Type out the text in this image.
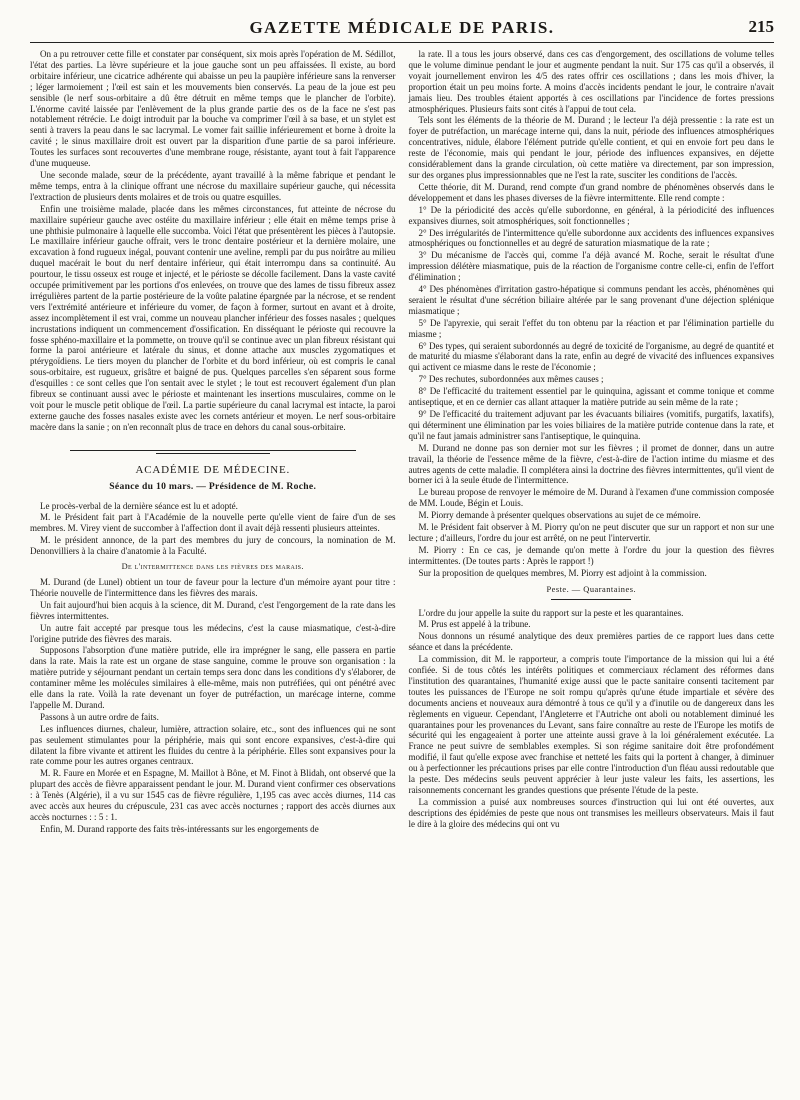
GAZETTE MÉDICALE DE PARIS.	215

On a pu retrouver cette fille et constater par conséquent, six mois après l'opération de M. Sédillot, l'état des parties. La lèvre supérieure et la joue gauche sont un peu affaissées. Il existe, au bord orbitaire inférieur, une cicatrice adhérente qui abaisse un peu la paupière inférieure sans la renverser ; léger larmoiement ; l'œil est sain et les mouvements bien conservés. La peau de la joue est peu sensible (le nerf sous-orbitaire a dû être détruit en même temps que le plancher de l'orbite). L'énorme cavité laissée par l'enlèvement de la plus grande partie des os de la face ne s'est pas notablement rétrécie. Le doigt introduit par la bouche va comprimer l'œil à sa base, et un stylet est senti à travers la peau dans le sac lacrymal. Le vomer fait saillie inférieurement et borne à droite la cavité ; le sinus maxillaire droit est ouvert par la disparition d'une partie de sa paroi inférieure. Toutes les surfaces sont recouvertes d'une membrane rouge, résistante, ayant tout à fait l'apparence d'une muqueuse.

Une seconde malade, sœur de la précédente, ayant travaillé à la même fabrique et pendant le même temps, entra à la clinique offrant une nécrose du maxillaire supérieur gauche, qui nécessita l'extraction de plusieurs dents molaires et de trois ou quatre esquilles.

Enfin une troisième malade, placée dans les mêmes circonstances, fut atteinte de nécrose du maxillaire supérieur gauche avec ostéite du maxillaire inférieur ; elle était en même temps prise à une phthisie pulmonaire à laquelle elle succomba. Voici l'état que présentèrent les pièces à l'autopsie. Le maxillaire inférieur gauche offrait, vers le tronc dentaire postérieur et la dernière molaire, une excavation à fond rugueux inégal, pouvant contenir une aveline, rempli par du pus noirâtre au milieu duquel macérait le bout du nerf dentaire inférieur, qui était interrompu dans sa continuité. Au pourtour, le tissu osseux est rouge et injecté, et le périoste se décolle facilement. Dans la vaste cavité occupée primitivement par les portions d'os enlevées, on trouve que des lames de tissu fibreux assez irrégulières partent de la partie postérieure de la voûte palatine épargnée par la nécrose, et se rendent vers l'extrémité antérieure et inférieure du vomer, de façon à former, surtout en avant et à droite, assez incomplètement il est vrai, comme un nouveau plancher inférieur des fosses nasales ; quelques incrustations indiquent un commencement d'ossification. En disséquant le périoste qui recouvre la fosse sphéno-maxillaire et la pommette, on trouve qu'il se continue avec un plan fibreux résistant qui forme la paroi antérieure et latérale du sinus, et donne attache aux muscles zygomatiques et ptérygoïdiens. Le tiers moyen du plancher de l'orbite et du bord inférieur, où est compris le canal sous-orbitaire, est rugueux, grisâtre et baigné de pus. Quelques parcelles s'en séparent sous forme d'esquilles : ce sont celles que l'on sentait avec le stylet ; le tout est recouvert également d'un plan fibreux se continuant aussi avec le périoste et maintenant les insertions musculaires, comme on le voit pour le muscle petit oblique de l'œil. La partie supérieure du canal lacrymal est intacte, la paroi externe gauche des fosses nasales existe avec les cornets antérieur et moyen. Le nerf sous-orbitaire macère dans la sanie ; on n'en reconnaît plus de trace en dehors du canal sous-orbitaire.

ACADÉMIE DE MÉDECINE.
Séance du 10 mars. — Présidence de M. Roche.

Le procès-verbal de la dernière séance est lu et adopté.

M. le Président fait part à l'Académie de la nouvelle perte qu'elle vient de faire d'un de ses membres. M. Virey vient de succomber à l'affection dont il avait déjà ressenti plusieurs atteintes.

M. le président annonce, de la part des membres du jury de concours, la nomination de M. Denonvilliers à la chaire d'anatomie à la Faculté.

De l'intermittence dans les fièvres des marais.

M. Durand (de Lunel) obtient un tour de faveur pour la lecture d'un mémoire ayant pour titre : Théorie nouvelle de l'intermittence dans les fièvres des marais.

Un fait aujourd'hui bien acquis à la science, dit M. Durand, c'est l'engorgement de la rate dans les fièvres intermittentes.

Un autre fait accepté par presque tous les médecins, c'est la cause miasmatique, c'est-à-dire l'origine putride des fièvres des marais.

Supposons l'absorption d'une matière putride, elle ira imprégner le sang, elle passera en partie dans la rate. Mais la rate est un organe de stase sanguine, comme le prouve son organisation : la matière putride y séjournant pendant un certain temps sera donc dans les conditions d'y s'élaborer, de contaminer même les molécules similaires à elle-même, mais non putréfiées, qui ont pénétré avec elle dans la rate. Voilà la rate devenant un foyer de putréfaction, un marécage interne, comme l'appelle M. Durand.

Passons à un autre ordre de faits.

Les influences diurnes, chaleur, lumière, attraction solaire, etc., sont des influences qui ne sont pas seulement stimulantes pour la périphérie, mais qui sont encore expansives, c'est-à-dire qui dilatent la fibre vivante et attirent les fluides du centre à la périphérie. Elles sont expansives pour la rate comme pour les autres organes centraux.

M. R. Faure en Morée et en Espagne, M. Maillot à Bône, et M. Finot à Blidah, ont observé que la plupart des accès de fièvre apparaissent pendant le jour. M. Durand vient confirmer ces observations : à Tenès (Algérie), il a vu sur 1545 cas de fièvre régulière, 1,195 cas avec accès diurnes, 114 cas avec accès aux heures du crépuscule, 231 cas avec accès nocturnes ; rapport des accès diurnes aux accès nocturnes : : 5 : 1.

Enfin, M. Durand rapporte des faits très-intéressants sur les engorgements de

la rate. Il a tous les jours observé, dans ces cas d'engorgement, des oscillations de volume telles que le volume diminue pendant le jour et augmente pendant la nuit. Sur 175 cas qu'il a observés, il voyait journellement environ les 4/5 des rates offrir ces oscillations ; dans les mois d'hiver, la proportion était un peu moins forte. A moins d'accès incidents pendant le jour, le contraire n'avait jamais lieu. Des troubles étaient apportés à ces oscillations par l'incidence de fortes pressions atmosphériques. Plusieurs faits sont cités à l'appui de tout cela.

Tels sont les éléments de la théorie de M. Durand ; le lecteur l'a déjà pressentie : la rate est un foyer de putréfaction, un marécage interne qui, dans la nuit, période des influences atmosphériques concentratives, nidule, élabore l'élément putride qu'elle contient, et qui en envoie fort peu dans le reste de l'économie, mais qui pendant le jour, période des influences expansives, en déjette considérablement dans la grande circulation, où cette matière va directement, par son impression, sur des organes plus impressionnables que ne l'est la rate, susciter les conditions de l'accès.

Cette théorie, dit M. Durand, rend compte d'un grand nombre de phénomènes observés dans le développement et dans les phases diverses de la fièvre intermittente. Elle rend compte :

1° De la périodicité des accès qu'elle subordonne, en général, à la périodicité des influences expansives diurnes, soit atmosphériques, soit fonctionnelles ;

2° Des irrégularités de l'intermittence qu'elle subordonne aux accidents des influences expansives atmosphériques ou fonctionnelles et au degré de saturation miasmatique de la rate ;

3° Du mécanisme de l'accès qui, comme l'a déjà avancé M. Roche, serait le résultat d'une impression délétère miasmatique, puis de la réaction de l'organisme contre celle-ci, enfin de l'effort d'élimination ;

4° Des phénomènes d'irritation gastro-hépatique si communs pendant les accès, phénomènes qui seraient le résultat d'une sécrétion biliaire altérée par le sang provenant d'une déjection splénique miasmatique ;

5° De l'apyrexie, qui serait l'effet du ton obtenu par la réaction et par l'élimination partielle du miasme ;

6° Des types, qui seraient subordonnés au degré de toxicité de l'organisme, au degré de quantité et de maturité du miasme s'élaborant dans la rate, enfin au degré de vivacité des influences expansives qui activent ce miasme dans le reste de l'économie ;

7° Des rechutes, subordonnées aux mêmes causes ;

8° De l'efficacité du traitement essentiel par le quinquina, agissant et comme tonique et comme antiseptique, et en ce dernier cas allant attaquer la matière putride au sein même de la rate ;

9° De l'efficacité du traitement adjuvant par les évacuants biliaires (vomitifs, purgatifs, laxatifs), qui déterminent une élimination par les voies biliaires de la matière putride contenue dans la rate, et qu'il ne faut jamais administrer sans l'antiseptique, le quinquina.

M. Durand ne donne pas son dernier mot sur les fièvres ; il promet de donner, dans un autre travail, la théorie de l'essence même de la fièvre, c'est-à-dire de l'action intime du miasme et des autres agents de cette maladie. Il complétera ainsi la doctrine des fièvres intermittentes, qu'il vient de borner ici à la seule étude de l'intermittence.

Le bureau propose de renvoyer le mémoire de M. Durand à l'examen d'une commission composée de MM. Loude, Bégin et Louis.

M. Piorry demande à présenter quelques observations au sujet de ce mémoire.

M. le Président fait observer à M. Piorry qu'on ne peut discuter que sur un rapport et non sur une lecture ; d'ailleurs, l'ordre du jour est arrêté, on ne peut l'intervertir.

M. Piorry : En ce cas, je demande qu'on mette à l'ordre du jour la question des fièvres intermittentes. (De toutes parts : Après le rapport !)

Sur la proposition de quelques membres, M. Piorry est adjoint à la commission.

Peste. — Quarantaines.

L'ordre du jour appelle la suite du rapport sur la peste et les quarantaines.

M. Prus est appelé à la tribune.

Nous donnons un résumé analytique des deux premières parties de ce rapport lues dans cette séance et dans la précédente.

La commission, dit M. le rapporteur, a compris toute l'importance de la mission qui lui a été confiée. Si de tous côtés les intérêts politiques et commerciaux réclament des réformes dans l'institution des quarantaines, l'humanité exige aussi que le pacte sanitaire consenti tacitement par toutes les puissances de l'Europe ne soit rompu qu'après qu'une étude impartiale et sévère des documents anciens et nouveaux aura démontré à tous ce qu'il y a d'inutile ou de dangereux dans les règlements en vigueur. Cependant, l'Angleterre et l'Autriche ont aboli ou notablement diminué les quarantaines pour les provenances du Levant, sans faire connaître au reste de l'Europe les motifs de sécurité qui les engageaient à porter une atteinte aussi grave à la loi généralement exécutée. La France ne peut suivre de semblables exemples. Si son régime sanitaire doit être profondément modifié, il faut qu'elle expose avec franchise et netteté les faits qui la portent à changer, à diminuer ou à perfectionner les précautions prises par elle contre l'introduction d'un fléau aussi redoutable que la peste. Des médecins seuls peuvent apprécier à leur juste valeur les faits, les assertions, les raisonnements concernant les grandes questions que présente l'étude de la peste.

La commission a puisé aux nombreuses sources d'instruction qui lui ont été ouvertes, aux descriptions des épidémies de peste que nous ont transmises les meilleurs observateurs. Mais il faut le dire à la gloire des médecins qui ont vu
